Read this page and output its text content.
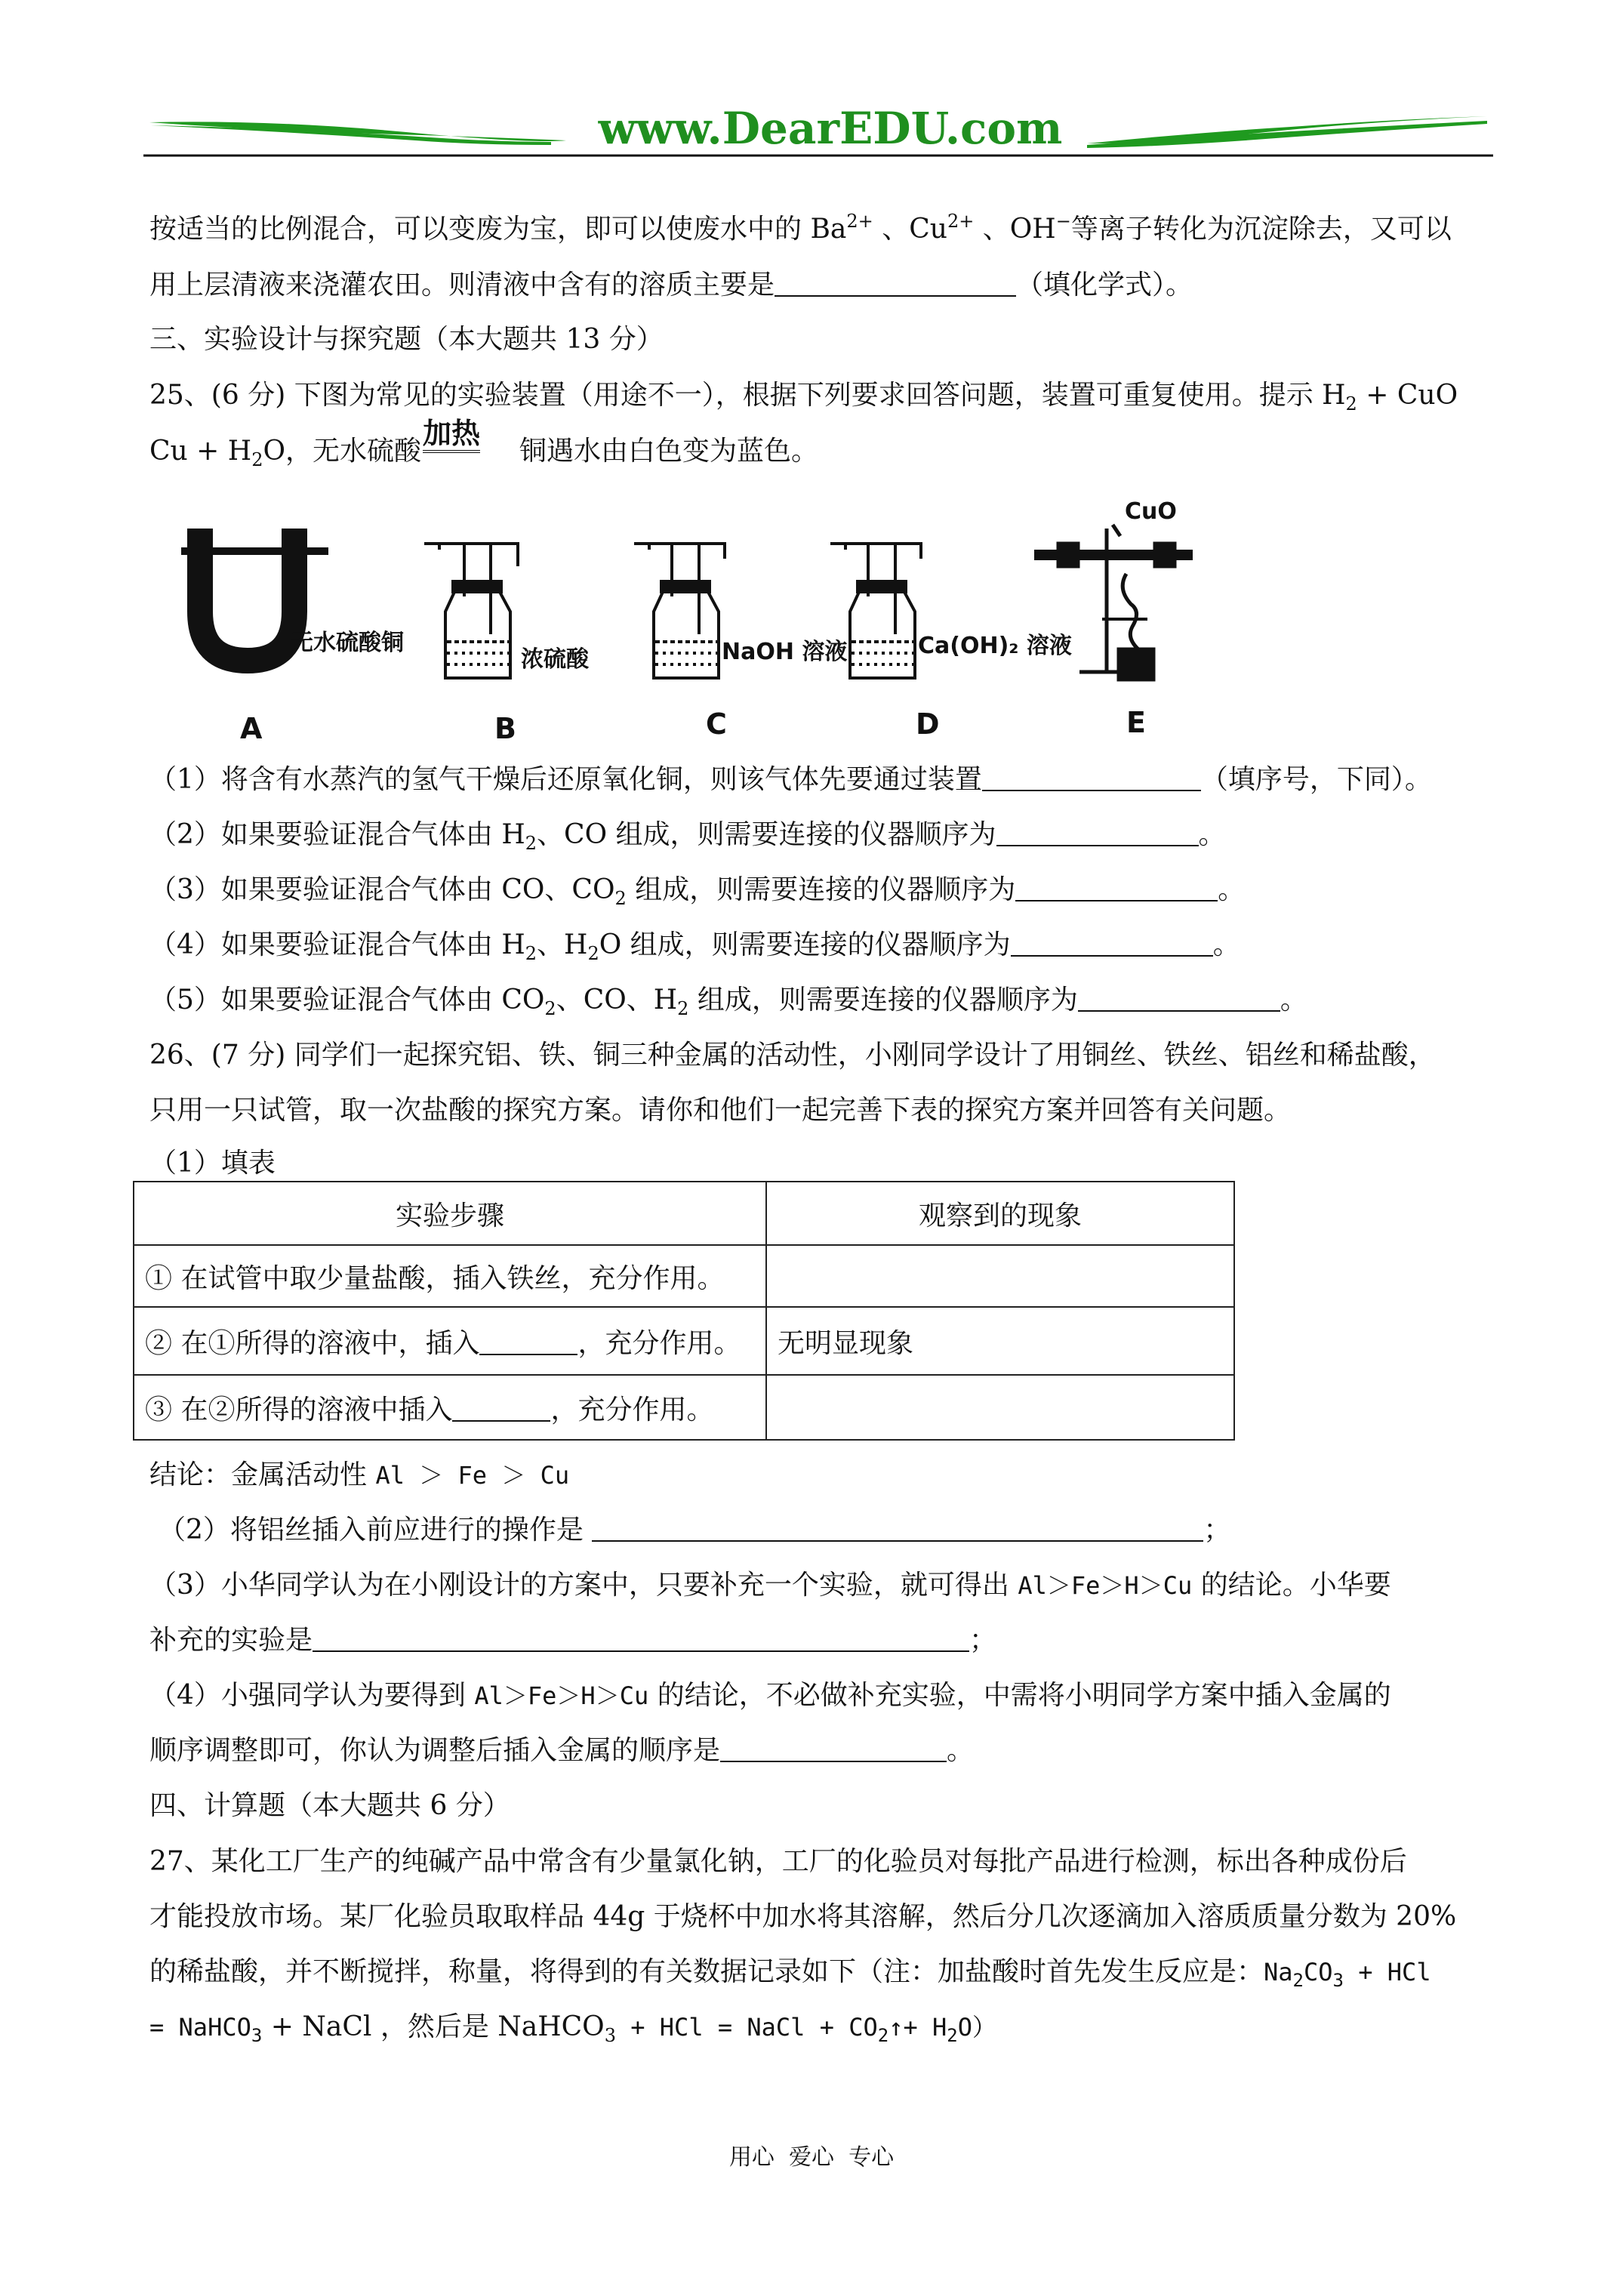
www.DearEDU.com
按适当的比例混合，可以变废为宝，即可以使废水中的 $Ba^{2+}$ 、$Cu^{2+}$ 、OH−等离子转化为沉淀除去，又可以
用上层清液来浇灌农田。则清液中含有的溶质主要是	（填化学式）。
三、实验设计与探究题（本大题共 13 分）
25、(6 分) 下图为常见的实验装置（用途不一），根据下列要求回答问题，装置可重复使用。提示 $H_2$ + CuO
$Cu + H_2O$，无水硫酸
加热
铜遇水由白色变为蓝色。
A	B	C	D	E
无水硫酸铜
浓硫酸	NaOH 溶液	Ca(OH)₂ 溶液
CuO
（1）将含有水蒸汽的氢气干燥后还原氧化铜，则该气体先要通过装置	（填序号，下同）。
（2）如果要验证混合气体由 $H_2$、CO 组成，则需要连接的仪器顺序为	。
（3）如果要验证混合气体由 CO、$CO_2$ 组成，则需要连接的仪器顺序为	。
（4）如果要验证混合气体由 $H_2$、$H_2O$ 组成，则需要连接的仪器顺序为	。
（5）如果要验证混合气体由 $CO_2$、CO、$H_2$ 组成，则需要连接的仪器顺序为	。
26、(7 分) 同学们一起探究铝、铁、铜三种金属的活动性，小刚同学设计了用铜丝、铁丝、铝丝和稀盐酸，
只用一只试管，取一次盐酸的探究方案。请你和他们一起完善下表的探究方案并回答有关问题。
（1）填表
实验步骤	观察到的现象
① 在试管中取少量盐酸，插入铁丝，充分作用。	
② 在①所得的溶液中，插入 ，充分作用。	无明显现象
③ 在②所得的溶液中插入 ，充分作用。	
结论：金属活动性 Al ＞ Fe ＞ Cu
（2）将铝丝插入前应进行的操作是	；
（3）小华同学认为在小刚设计的方案中，只要补充一个实验，就可得出 Al＞Fe＞H＞Cu 的结论。小华要
补充的实验是	；
（4）小强同学认为要得到 Al＞Fe＞H＞Cu 的结论，不必做补充实验，中需将小明同学方案中插入金属的
顺序调整即可，你认为调整后插入金属的顺序是	。
四、计算题（本大题共 6 分）
27、某化工厂生产的纯碱产品中常含有少量氯化钠，工厂的化验员对每批产品进行检测，标出各种成份后
才能投放市场。某厂化验员取取样品 44g 于烧杯中加水将其溶解，然后分几次逐滴加入溶质质量分数为 20%
的稀盐酸，并不断搅拌，称量，将得到的有关数据记录如下（注：加盐酸时首先发生反应是：$Na_2CO_3$ + HCl
= NaHCO$_3$ + NaCl ，然后是 NaHCO$_3$ + HCl = NaCl + $CO_2↑+ H_2O$）
用心  爱心  专心
